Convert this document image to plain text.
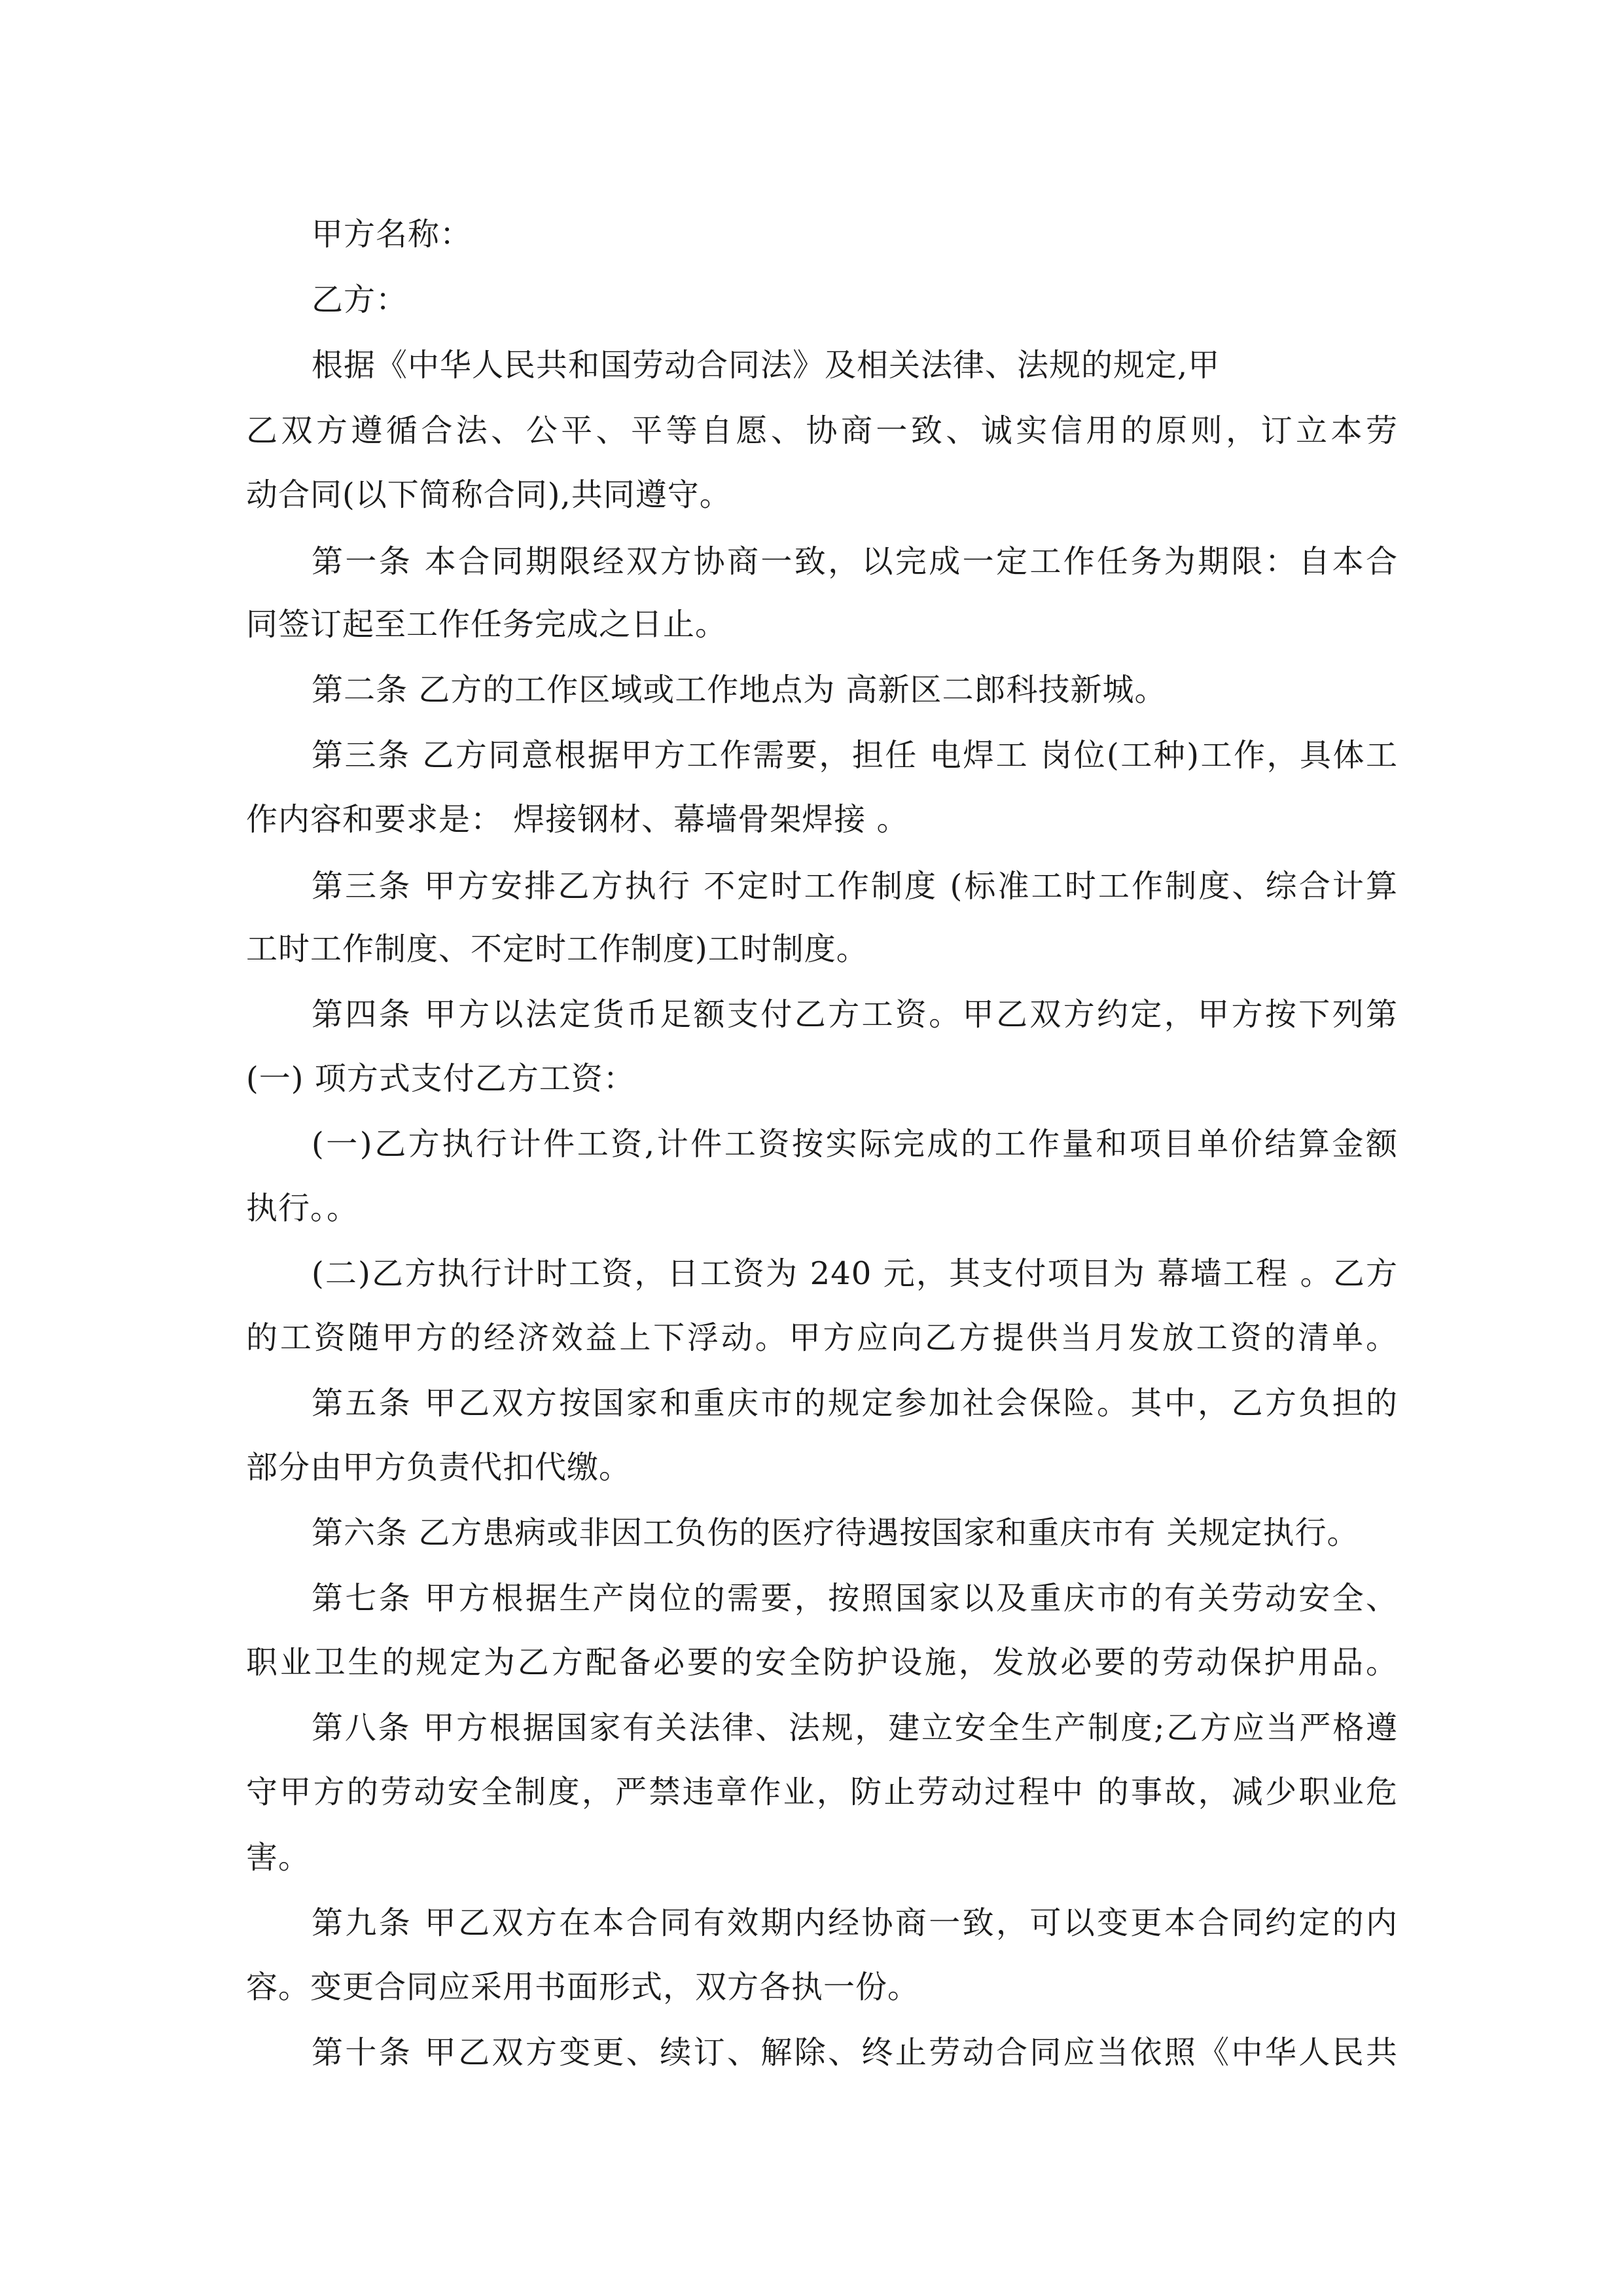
甲方名称：
乙方：
根据《中华人民共和国劳动合同法》及相关法律、法规的规定,甲
乙双方遵循合法、公平、平等自愿、协商一致、诚实信用的原则，订立本劳
动合同(以下简称合同),共同遵守。
第一条 本合同期限经双方协商一致，以完成一定工作任务为期限：自本合
同签订起至工作任务完成之日止。
第二条 乙方的工作区域或工作地点为 高新区二郎科技新城。
第三条 乙方同意根据甲方工作需要，担任 电焊工 岗位(工种)工作，具体工
作内容和要求是： 焊接钢材、幕墙骨架焊接 。
第三条 甲方安排乙方执行 不定时工作制度 (标准工时工作制度、综合计算
工时工作制度、不定时工作制度)工时制度。
第四条 甲方以法定货币足额支付乙方工资。甲乙双方约定，甲方按下列第
(一) 项方式支付乙方工资：
(一)乙方执行计件工资,计件工资按实际完成的工作量和项目单价结算金额
执行。。
(二)乙方执行计时工资，日工资为 240 元，其支付项目为 幕墙工程 。乙方
的工资随甲方的经济效益上下浮动。甲方应向乙方提供当月发放工资的清单。
第五条 甲乙双方按国家和重庆市的规定参加社会保险。其中，乙方负担的
部分由甲方负责代扣代缴。
第六条 乙方患病或非因工负伤的医疗待遇按国家和重庆市有 关规定执行。
第七条 甲方根据生产岗位的需要，按照国家以及重庆市的有关劳动安全、
职业卫生的规定为乙方配备必要的安全防护设施，发放必要的劳动保护用品。
第八条 甲方根据国家有关法律、法规，建立安全生产制度;乙方应当严格遵
守甲方的劳动安全制度，严禁违章作业，防止劳动过程中 的事故，减少职业危
害。
第九条 甲乙双方在本合同有效期内经协商一致，可以变更本合同约定的内
容。变更合同应采用书面形式，双方各执一份。
第十条 甲乙双方变更、续订、解除、终止劳动合同应当依照《中华人民共
